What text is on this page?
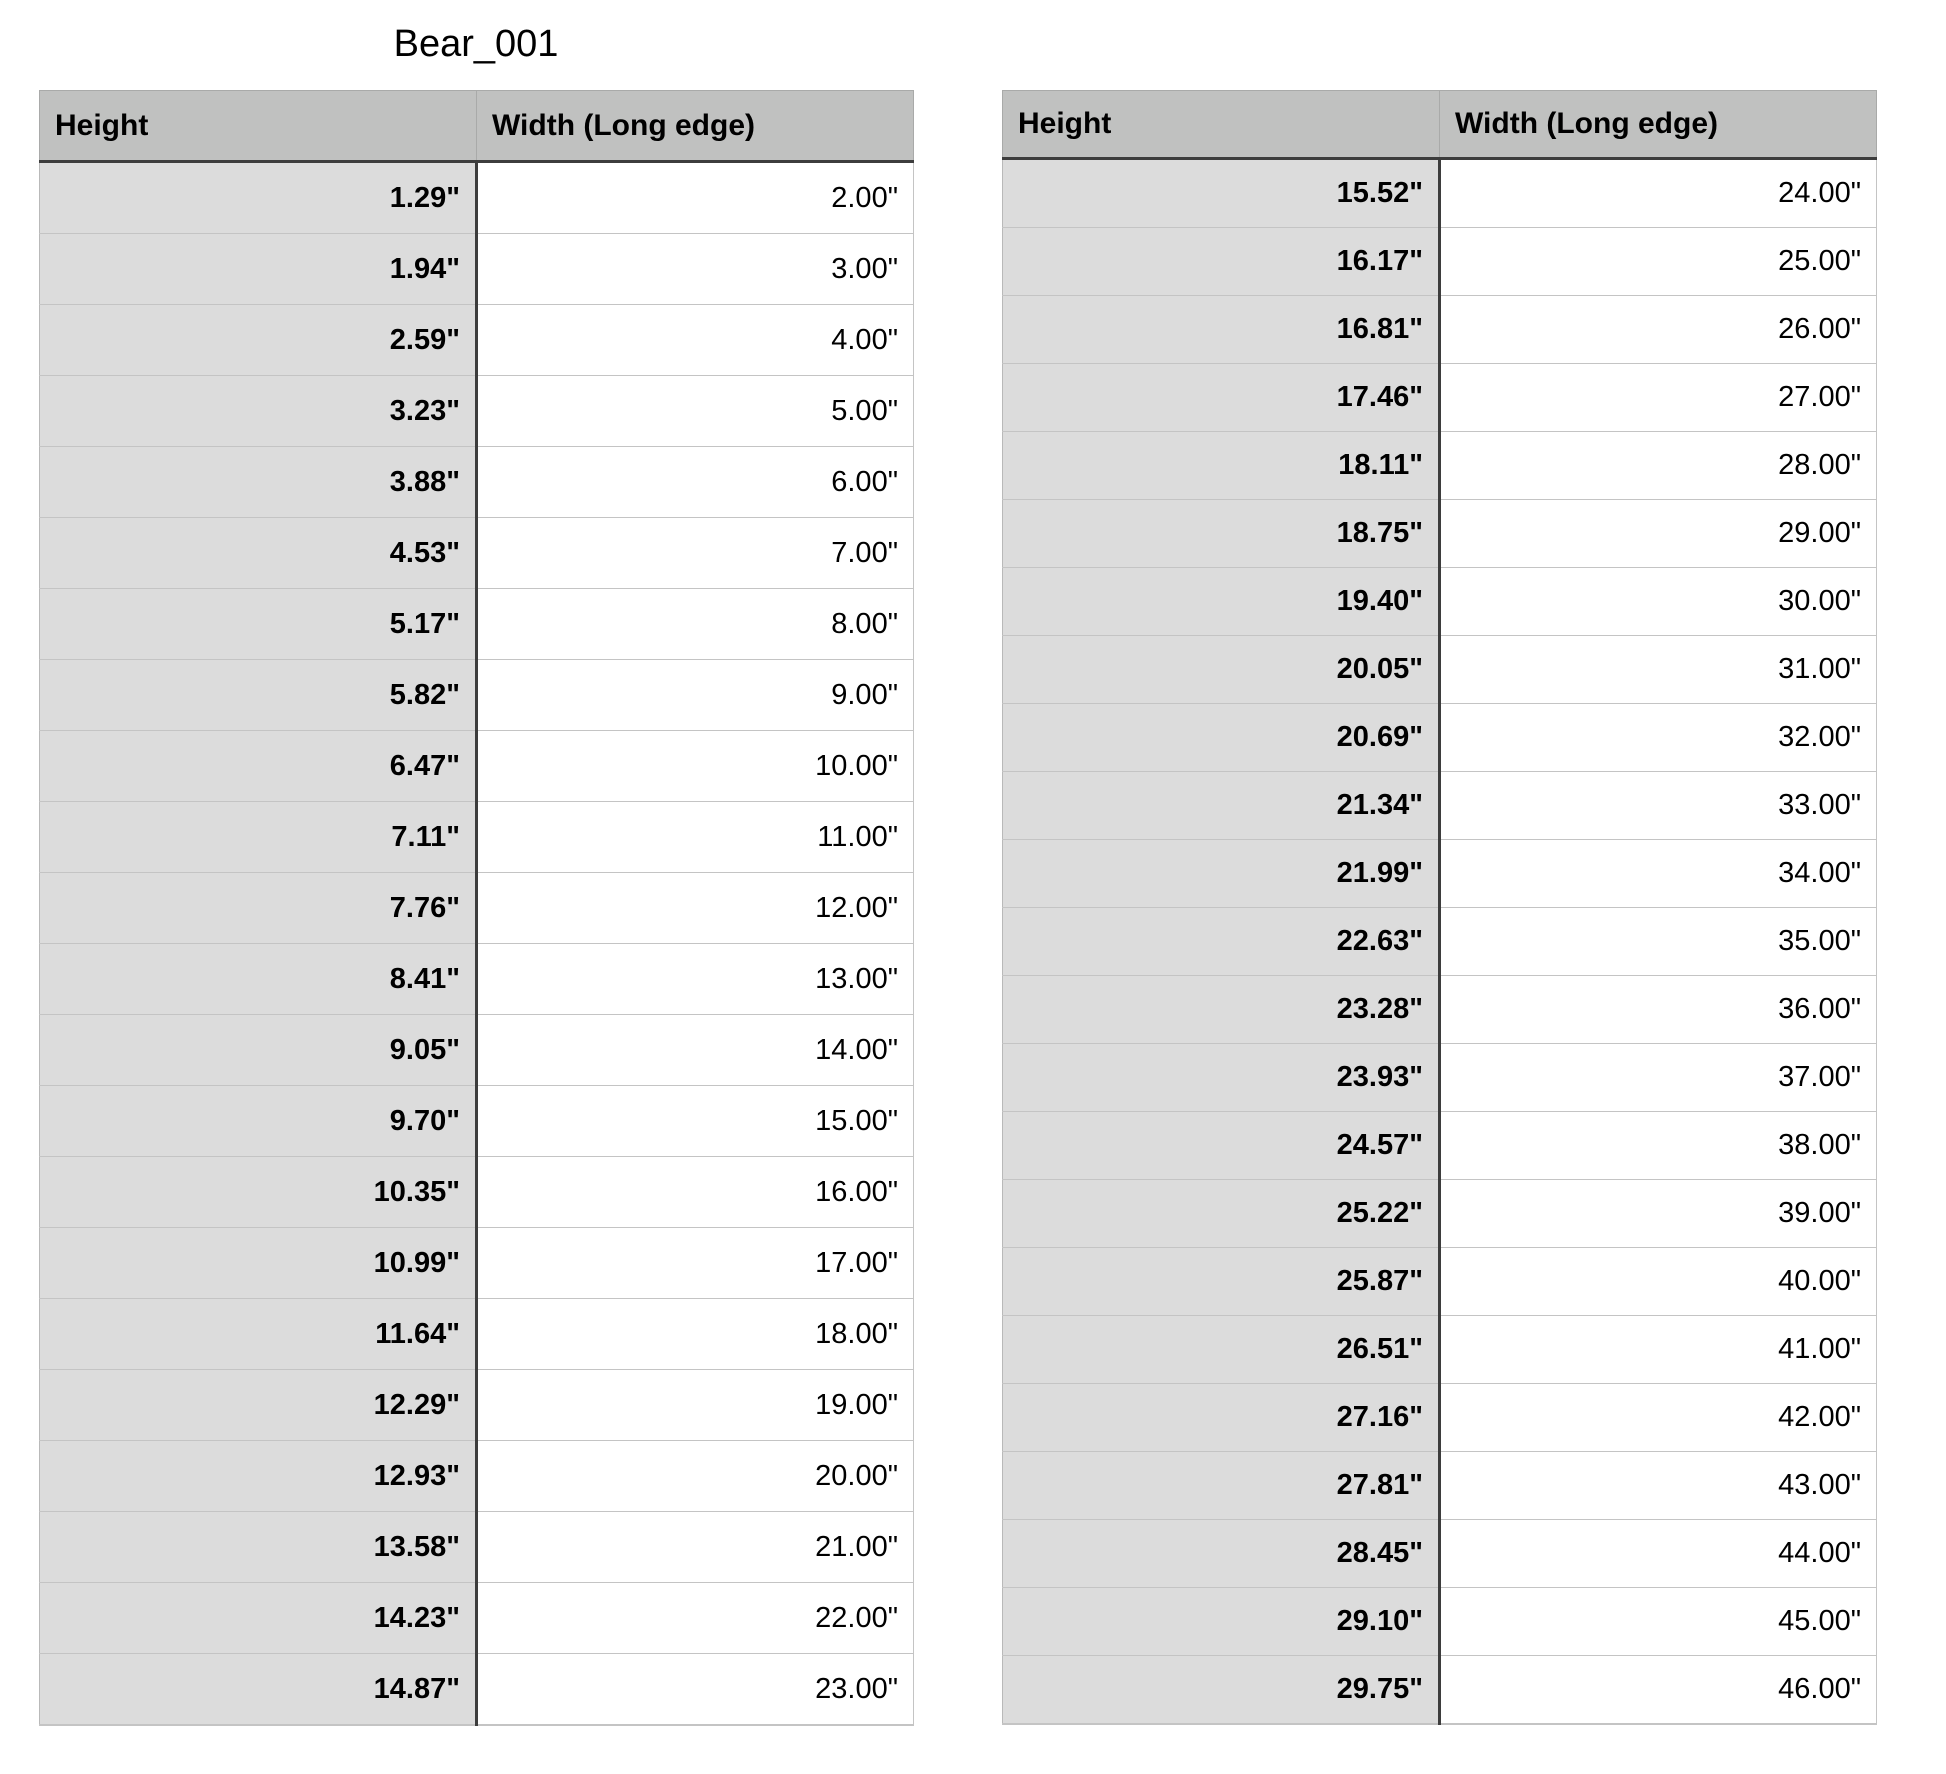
Bear_001
Height	Width (Long edge)
1.29"	2.00"
1.94"	3.00"
2.59"	4.00"
3.23"	5.00"
3.88"	6.00"
4.53"	7.00"
5.17"	8.00"
5.82"	9.00"
6.47"	10.00"
7.11"	11.00"
7.76"	12.00"
8.41"	13.00"
9.05"	14.00"
9.70"	15.00"
10.35"	16.00"
10.99"	17.00"
11.64"	18.00"
12.29"	19.00"
12.93"	20.00"
13.58"	21.00"
14.23"	22.00"
14.87"	23.00"
Height	Width (Long edge)
15.52"	24.00"
16.17"	25.00"
16.81"	26.00"
17.46"	27.00"
18.11"	28.00"
18.75"	29.00"
19.40"	30.00"
20.05"	31.00"
20.69"	32.00"
21.34"	33.00"
21.99"	34.00"
22.63"	35.00"
23.28"	36.00"
23.93"	37.00"
24.57"	38.00"
25.22"	39.00"
25.87"	40.00"
26.51"	41.00"
27.16"	42.00"
27.81"	43.00"
28.45"	44.00"
29.10"	45.00"
29.75"	46.00"
